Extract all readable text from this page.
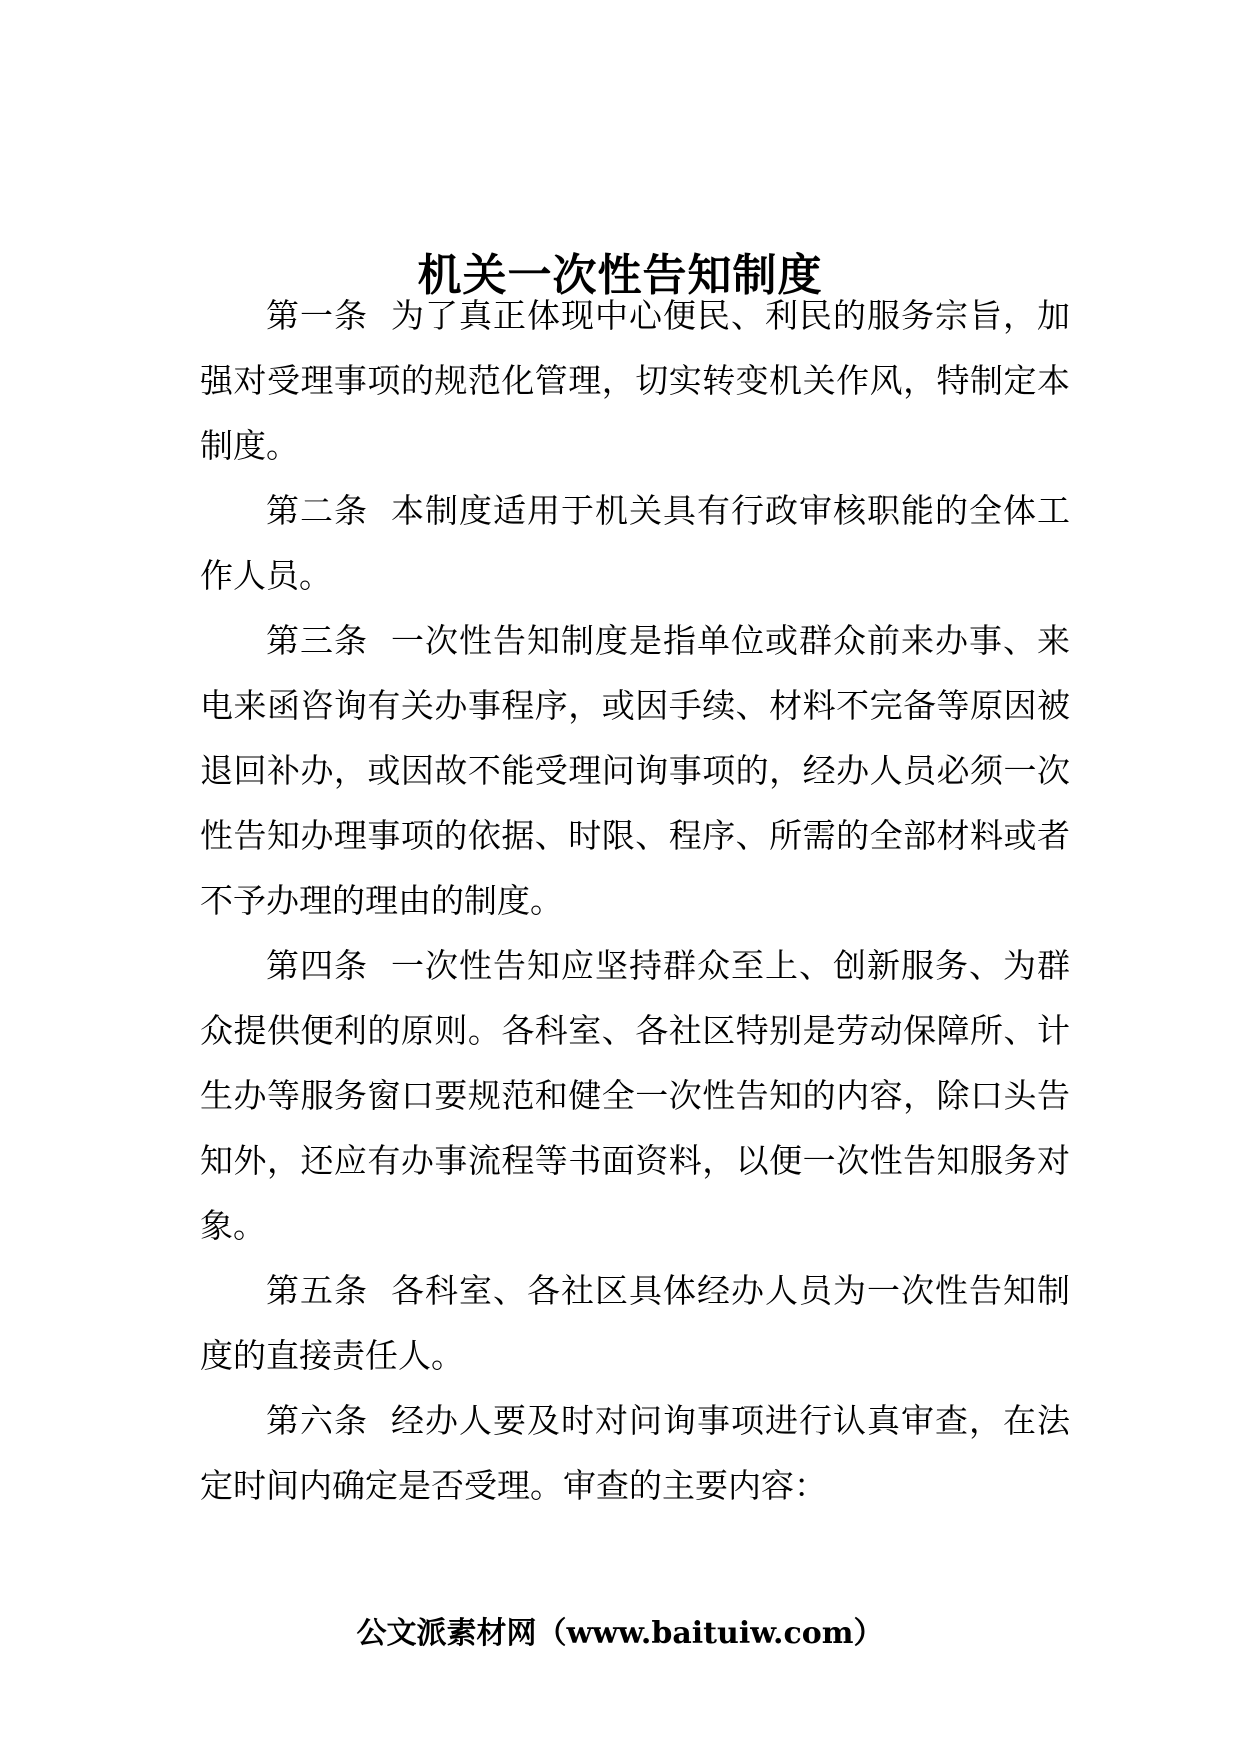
机关一次性告知制度

第一条  为了真正体现中心便民、利民的服务宗旨，加强对受理事项的规范化管理，切实转变机关作风，特制定本制度。

第二条  本制度适用于机关具有行政审核职能的全体工作人员。

第三条  一次性告知制度是指单位或群众前来办事、来电来函咨询有关办事程序，或因手续、材料不完备等原因被退回补办，或因故不能受理问询事项的，经办人员必须一次性告知办理事项的依据、时限、程序、所需的全部材料或者不予办理的理由的制度。

第四条  一次性告知应坚持群众至上、创新服务、为群众提供便利的原则。各科室、各社区特别是劳动保障所、计生办等服务窗口要规范和健全一次性告知的内容，除口头告知外，还应有办事流程等书面资料，以便一次性告知服务对象。

第五条  各科室、各社区具体经办人员为一次性告知制度的直接责任人。

第六条  经办人要及时对问询事项进行认真审查，在法定时间内确定是否受理。审查的主要内容：

公文派素材网（www.baituiw.com）
